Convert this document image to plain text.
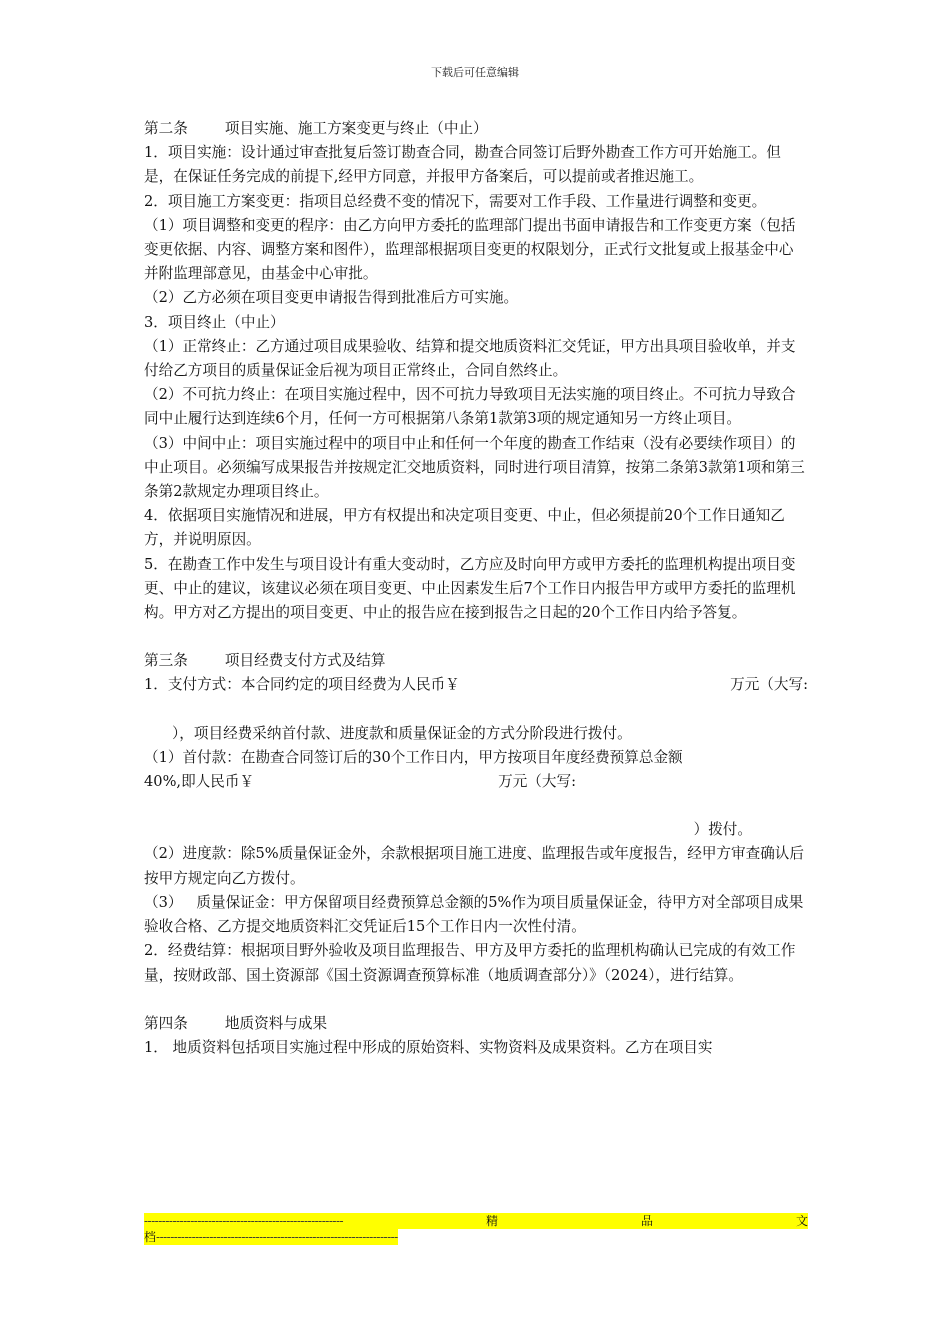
下载后可任意编辑

第二条	项目实施、施工方案变更与终止（中止）

1．项目实施：设计通过审查批复后签订勘查合同，勘查合同签订后野外勘查工作方可开始施工。但是，在保证任务完成的前提下,经甲方同意，并报甲方备案后，可以提前或者推迟施工。

2．项目施工方案变更：指项目总经费不变的情况下，需要对工作手段、工作量进行调整和变更。

（1）项目调整和变更的程序：由乙方向甲方委托的监理部门提出书面申请报告和工作变更方案（包括变更依据、内容、调整方案和图件），监理部根据项目变更的权限划分，正式行文批复或上报基金中心并附监理部意见，由基金中心审批。

（2）乙方必须在项目变更申请报告得到批准后方可实施。

3．项目终止（中止）

（1）正常终止：乙方通过项目成果验收、结算和提交地质资料汇交凭证，甲方出具项目验收单，并支付给乙方项目的质量保证金后视为项目正常终止，合同自然终止。

（2）不可抗力终止：在项目实施过程中，因不可抗力导致项目无法实施的项目终止。不可抗力导致合同中止履行达到连续6个月，任何一方可根据第八条第1款第3项的规定通知另一方终止项目。

（3）中间中止：项目实施过程中的项目中止和任何一个年度的勘查工作结束（没有必要续作项目）的中止项目。必须编写成果报告并按规定汇交地质资料，同时进行项目清算，按第二条第3款第1项和第三条第2款规定办理项目终止。

4．依据项目实施情况和进展，甲方有权提出和决定项目变更、中止，但必须提前20个工作日通知乙方，并说明原因。

5．在勘查工作中发生与项目设计有重大变动时，乙方应及时向甲方或甲方委托的监理机构提出项目变更、中止的建议，该建议必须在项目变更、中止因素发生后7个工作日内报告甲方或甲方委托的监理机构。甲方对乙方提出的项目变更、中止的报告应在接到报告之日起的20个工作日内给予答复。

第三条	项目经费支付方式及结算

1．支付方式：本合同约定的项目经费为人民币￥	万元（大写:

），项目经费采纳首付款、进度款和质量保证金的方式分阶段进行拨付。

（1）首付款：在勘查合同签订后的30个工作日内，甲方按项目年度经费预算总金额

40%,即人民币￥	万元（大写:

）拨付。

（2）进度款：除5%质量保证金外，余款根据项目施工进度、监理报告或年度报告，经甲方审查确认后按甲方规定向乙方拨付。

（3）   质量保证金：甲方保留项目经费预算总金额的5%作为项目质量保证金，待甲方对全部项目成果验收合格、乙方提交地质资料汇交凭证后15个工作日内一次性付清。

2．经费结算：根据项目野外验收及项目监理报告、甲方及甲方委托的监理机构确认已完成的有效工作量，按财政部、国土资源部《国土资源调查预算标准（地质调查部分）》（2024），进行结算。

第四条	地质资料与成果

1． 地质资料包括项目实施过程中形成的原始资料、实物资料及成果资料。乙方在项目实

--------------------------------------------------------	精	品	文
档--------------------------------------------------------------------
